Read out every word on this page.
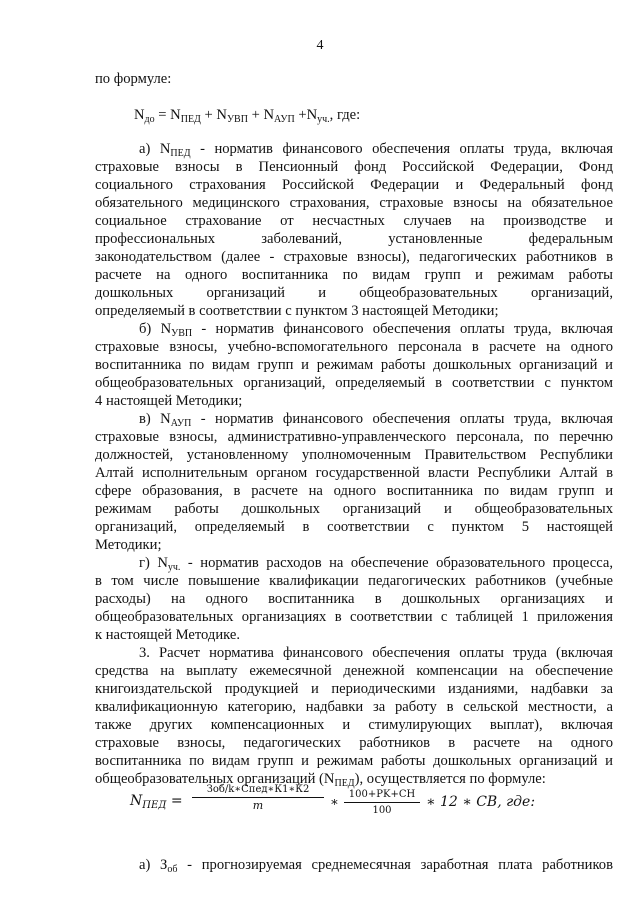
4
по формуле:
$N_{до} = N_{ПЕД} + N_{УВП} + N_{АУП} +N_{уч.}$, где:
а) $N_{ПЕД}$ - норматив финансового обеспечения оплаты труда, включая
страховые взносы в Пенсионный фонд Российской Федерации, Фонд
социального страхования Российской Федерации и Федеральный фонд
обязательного медицинского страхования, страховые взносы на обязательное
социальное страхование от несчастных случаев на производстве и
профессиональных заболеваний, установленные федеральным
законодательством (далее - страховые взносы), педагогических работников в
расчете на одного воспитанника по видам групп и режимам работы
дошкольных организаций и общеобразовательных организаций,
определяемый в соответствии с пунктом 3 настоящей Методики;
б) $N_{УВП}$ - норматив финансового обеспечения оплаты труда, включая
страховые взносы, учебно-вспомогательного персонала в расчете на одного
воспитанника по видам групп и режимам работы дошкольных организаций и
общеобразовательных организаций, определяемый в соответствии с пунктом
4 настоящей Методики;
в) $N_{АУП}$ - норматив финансового обеспечения оплаты труда, включая
страховые взносы, административно-управленческого персонала, по перечню
должностей, установленному уполномоченным Правительством Республики
Алтай исполнительным органом государственной власти Республики Алтай в
сфере образования, в расчете на одного воспитанника по видам групп и
режимам работы дошкольных организаций и общеобразовательных
организаций, определяемый в соответствии с пунктом 5 настоящей
Методики;
г) $N_{уч.}$ - норматив расходов на обеспечение образовательного процесса,
в том числе повышение квалификации педагогических работников (учебные
расходы) на одного воспитанника в дошкольных организациях и
общеобразовательных организациях в соответствии с таблицей 1 приложения
к настоящей Методике.
3. Расчет норматива финансового обеспечения оплаты труда (включая
средства на выплату ежемесячной денежной компенсации на обеспечение
книгоиздательской продукцией и периодическими изданиями, надбавки за
квалификационную категорию, надбавки за работу в сельской местности, а
также других компенсационных и стимулирующих выплат), включая
страховые взносы, педагогических работников в расчете на одного
воспитанника по видам групп и режимам работы дошкольных организаций и
общеобразовательных организаций $(N_{ПЕД})$, осуществляется по формуле:
$N_{ПЕД}$ =
Зоб/k∗Спед∗К1∗К2
m	∗ $\frac{100+PK+CH}{100}$ ∗ 12 ∗ CB, где:
а) $З_{об}$ - прогнозируемая среднемесячная заработная плата работников
